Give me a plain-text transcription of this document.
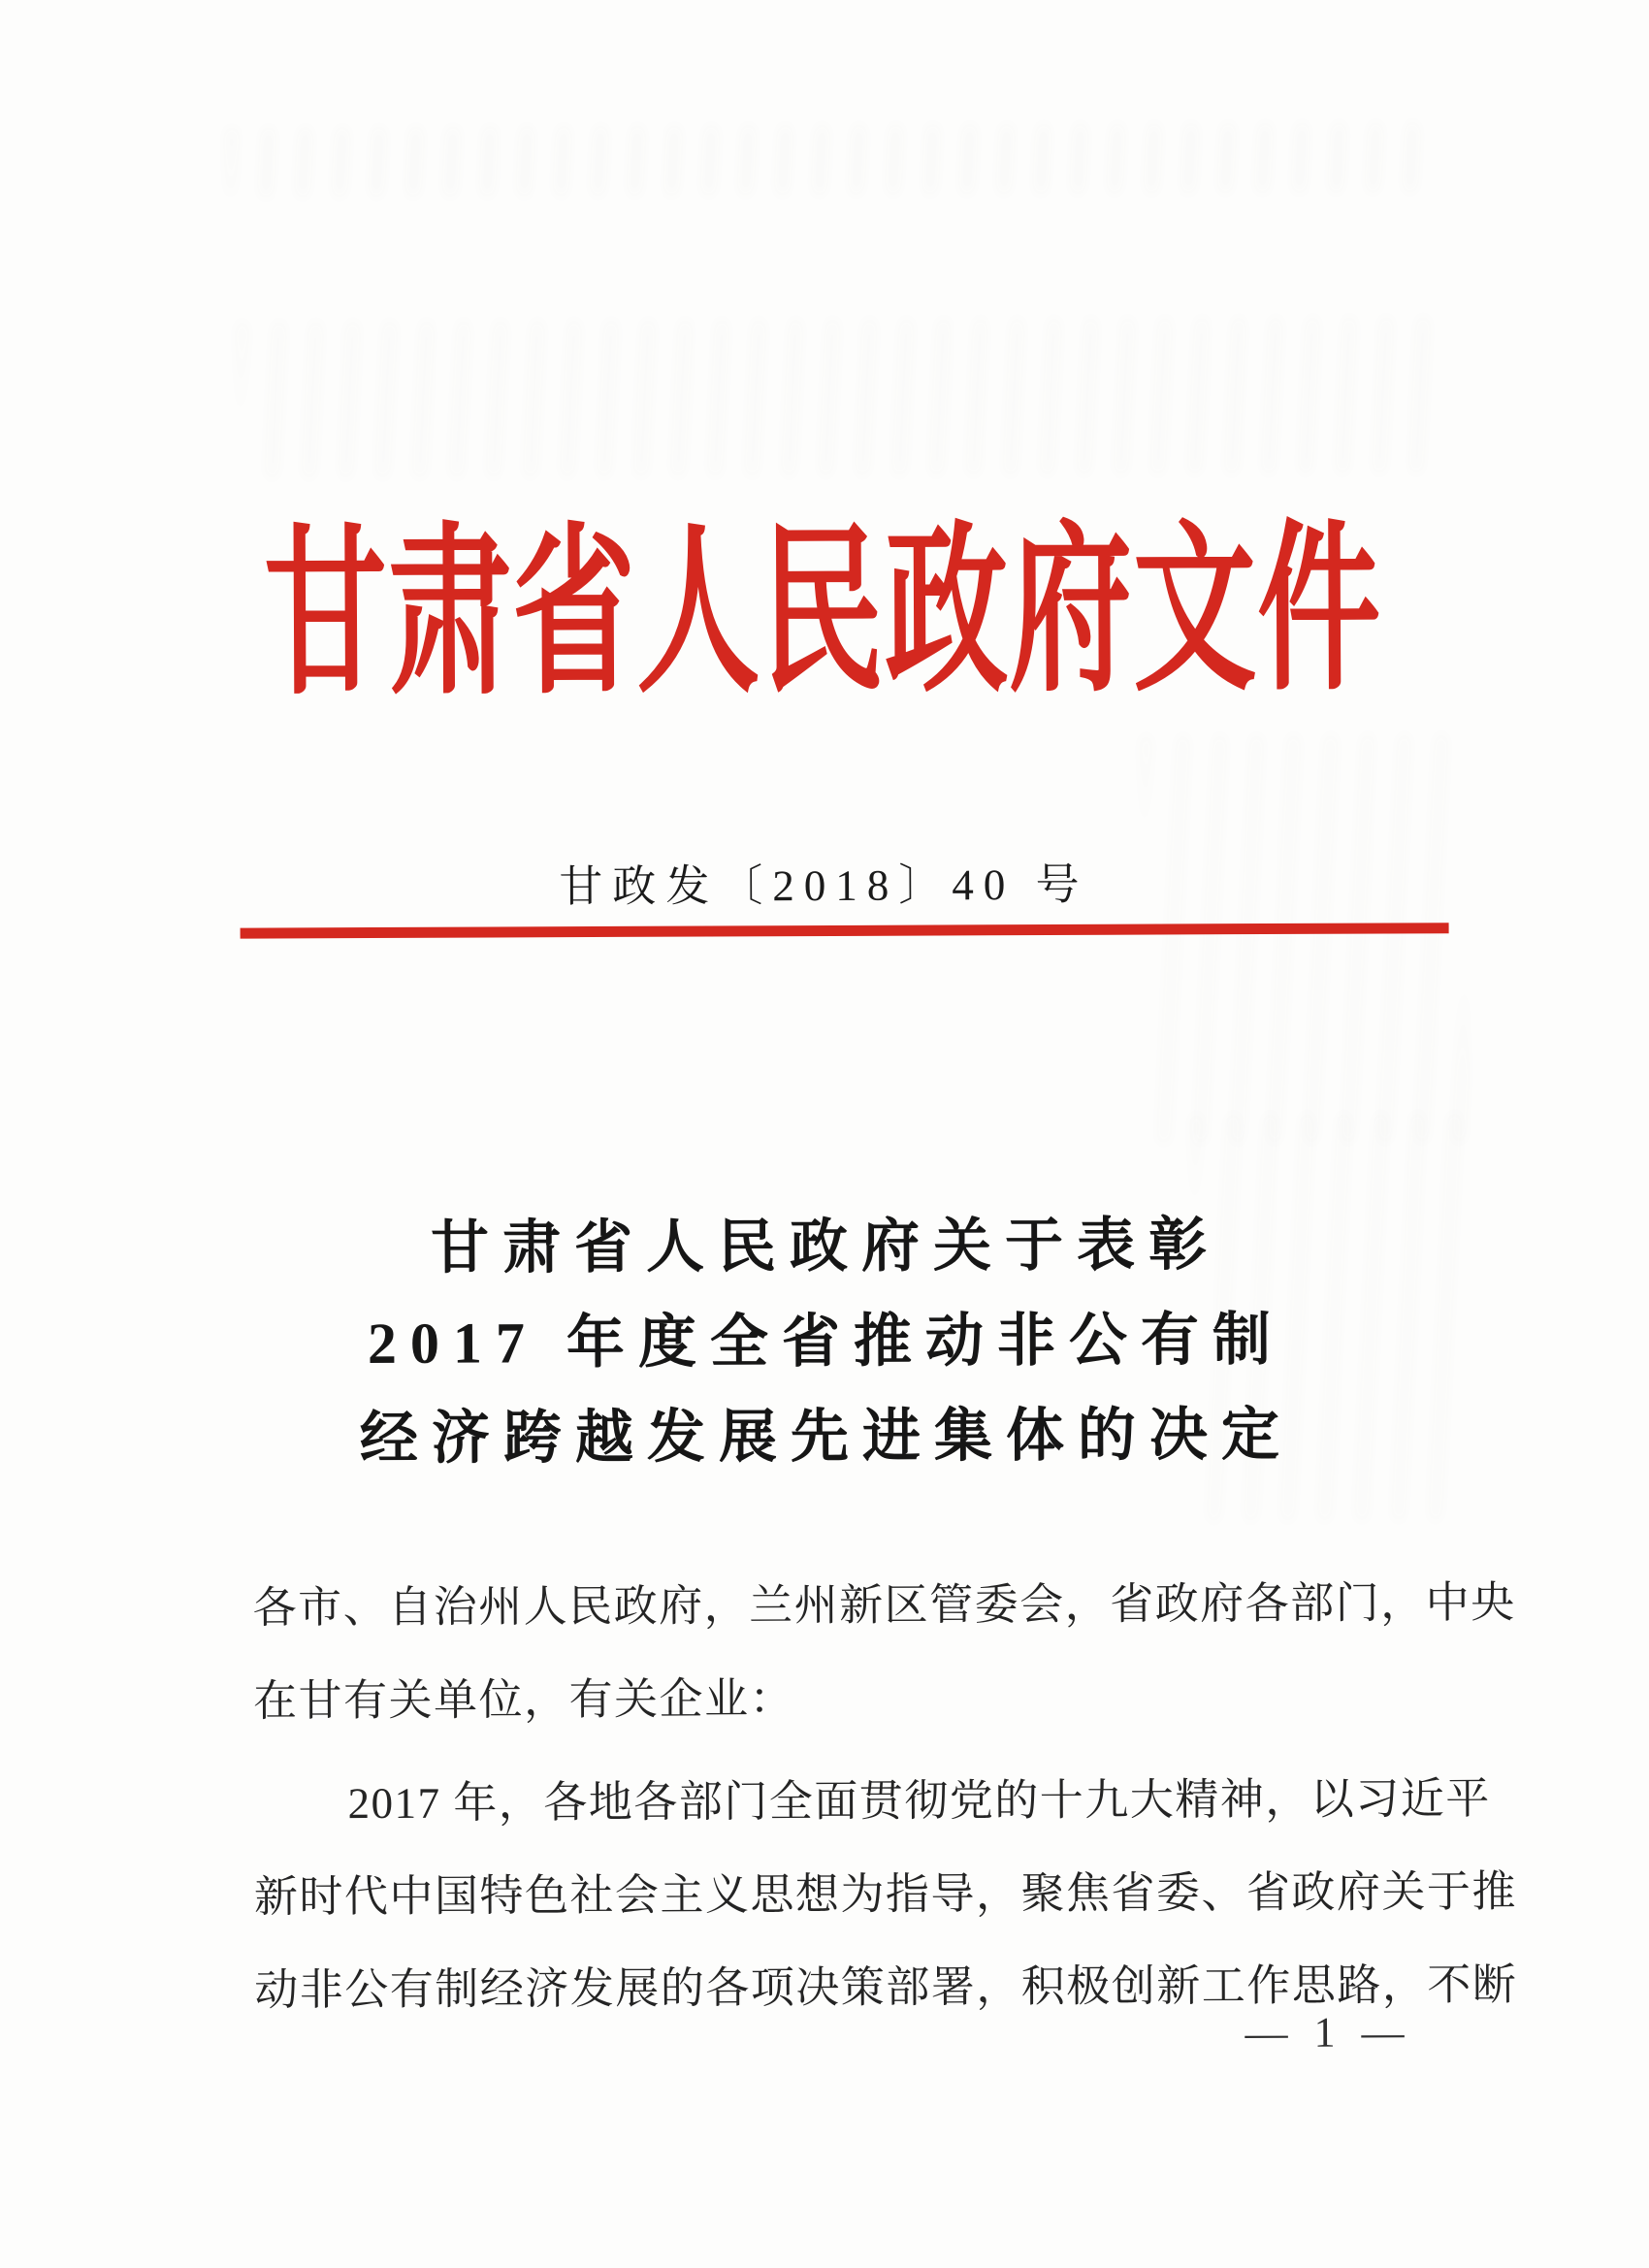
甘肃省人民政府文件
甘政发〔2018〕40 号
甘肃省人民政府关于表彰
2017 年度全省推动非公有制
经济跨越发展先进集体的决定
各市、自治州人民政府，兰州新区管委会，省政府各部门，中央
在甘有关单位，有关企业：
2017 年，各地各部门全面贯彻党的十九大精神，以习近平
新时代中国特色社会主义思想为指导，聚焦省委、省政府关于推
动非公有制经济发展的各项决策部署，积极创新工作思路，不断
— 1 —
